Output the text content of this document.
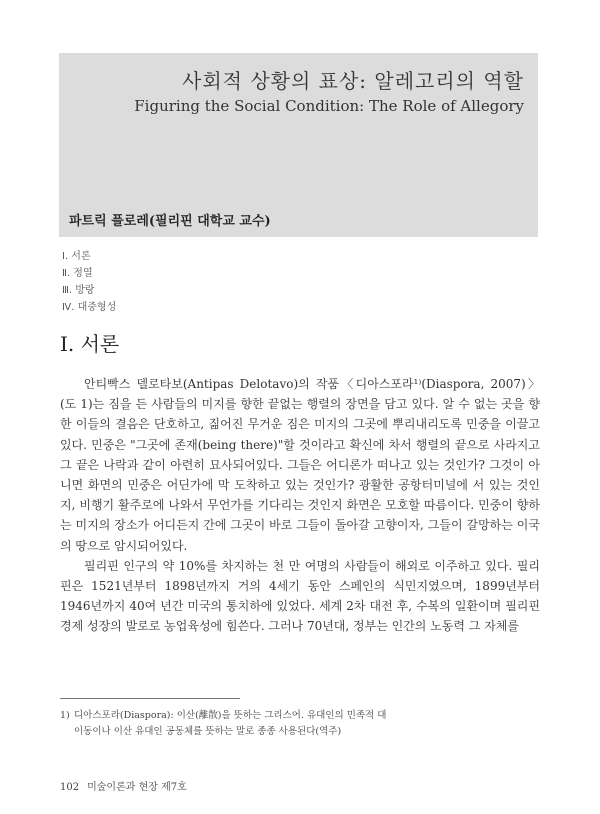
사회적 상황의 표상: 알레고리의 역할
Figuring the Social Condition: The Role of Allegory
파트릭 플로레(필리핀 대학교 교수)
Ⅰ. 서론
Ⅱ. 정열
Ⅲ. 방랑
Ⅳ. 대중형성
Ⅰ. 서론

안티빡스 델로타보(Antipas Delotavo)의 작품〈디아스포라¹⁾(Diaspora, 2007)〉(도 1)는 짐을 든 사람들의 미지를 향한 끝없는 행렬의 장면을 담고 있다. 알 수 없는 곳을 향한 이들의 결음은 단호하고, 짊어진 무거운 짐은 미지의 그곳에 뿌리내리도록 민중을 이끌고 있다. 민중은 "그곳에 존재(being there)"할 것이라고 확신에 차서 행렬의 끝으로 사라지고 그 끝은 나락과 같이 아련히 묘사되어있다. 그들은 어디론가 떠나고 있는 것인가? 그것이 아니면 화면의 민중은 어딘가에 막 도착하고 있는 것인가? 광활한 공항터미널에 서 있는 것인지, 비행기 활주로에 나와서 무언가를 기다리는 것인지 화면은 모호할 따름이다. 민중이 향하는 미지의 장소가 어디든지 간에 그곳이 바로 그들이 돌아갈 고향이자, 그들이 갈망하는 이국의 땅으로 암시되어있다.

필리핀 인구의 약 10%를 차지하는 천 만 여명의 사람들이 해외로 이주하고 있다. 필리핀은 1521년부터 1898년까지 거의 4세기 동안 스페인의 식민지였으며, 1899년부터 1946년까지 40여 년간 미국의 통치하에 있었다. 세계 2차 대전 후, 수복의 일환이며 필리핀 경제 성장의 발로로 농업육성에 힘쓴다. 그러나 70년대, 정부는 인간의 노동력 그 자체를

1) 디아스포라(Diaspora): 이산(離散)을 뜻하는 그리스어. 유대인의 민족적 대
이동이나 이산 유대인 공동체를 뜻하는 말로 종종 사용된다(역주)
102 미술이론과 현장 제7호
